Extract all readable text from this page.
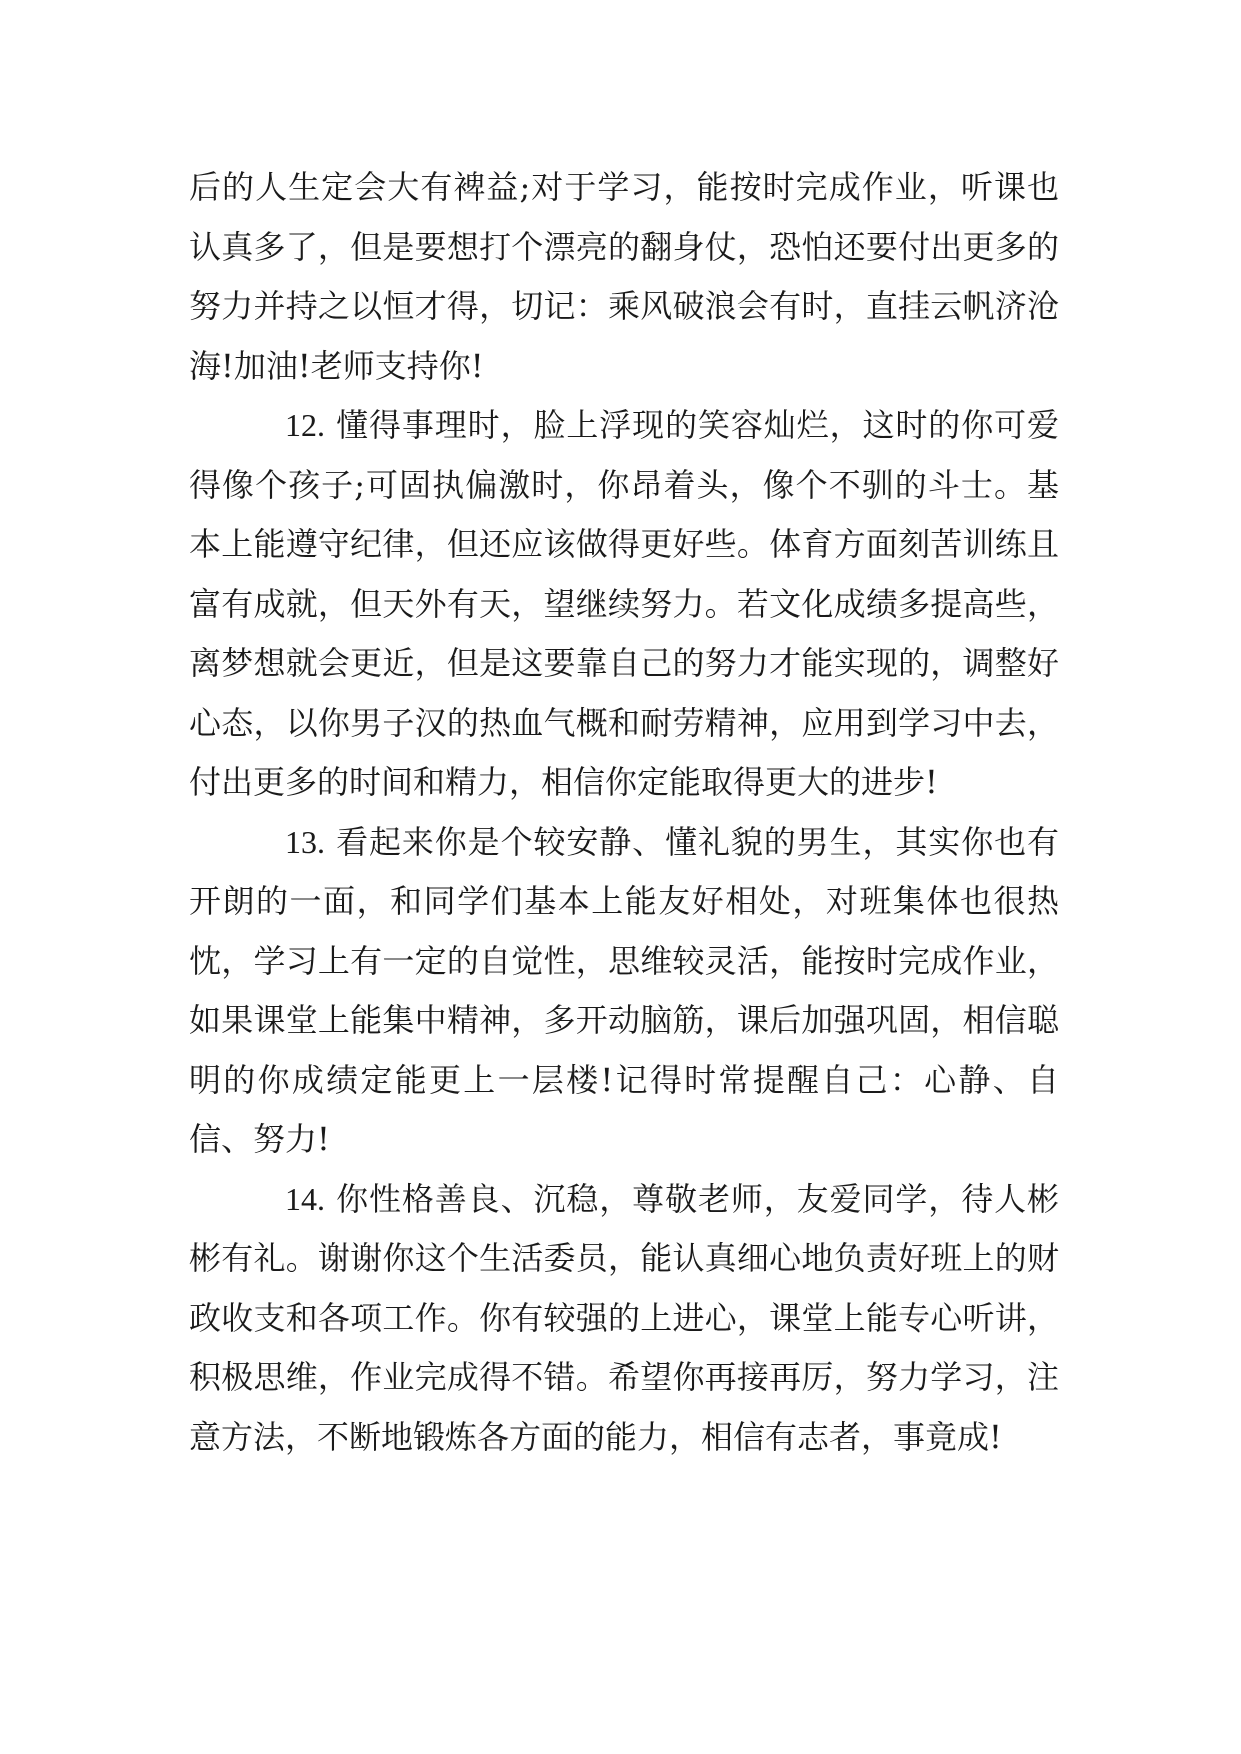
后的人生定会大有裨益;对于学习，能按时完成作业，听课也认真多了，但是要想打个漂亮的翻身仗，恐怕还要付出更多的努力并持之以恒才得，切记：乘风破浪会有时，直挂云帆济沧海!加油!老师支持你!

12. 懂得事理时，脸上浮现的笑容灿烂，这时的你可爱得像个孩子;可固执偏激时，你昂着头，像个不驯的斗士。基本上能遵守纪律，但还应该做得更好些。体育方面刻苦训练且富有成就，但天外有天，望继续努力。若文化成绩多提高些，离梦想就会更近，但是这要靠自己的努力才能实现的，调整好心态，以你男子汉的热血气概和耐劳精神，应用到学习中去，付出更多的时间和精力，相信你定能取得更大的进步!

13. 看起来你是个较安静、懂礼貌的男生，其实你也有开朗的一面，和同学们基本上能友好相处，对班集体也很热忱，学习上有一定的自觉性，思维较灵活，能按时完成作业，如果课堂上能集中精神，多开动脑筋，课后加强巩固，相信聪明的你成绩定能更上一层楼!记得时常提醒自己：心静、自信、努力!

14. 你性格善良、沉稳，尊敬老师，友爱同学，待人彬彬有礼。谢谢你这个生活委员，能认真细心地负责好班上的财政收支和各项工作。你有较强的上进心，课堂上能专心听讲，积极思维，作业完成得不错。希望你再接再厉，努力学习，注意方法，不断地锻炼各方面的能力，相信有志者，事竟成!
